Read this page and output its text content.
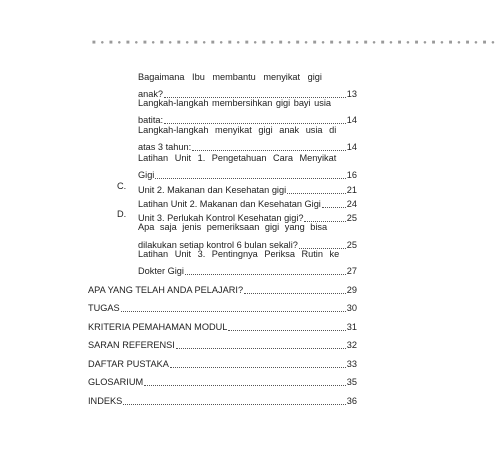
■ ● ■ ● ■ ● ■ ● ■ ● ■ ● ■ ● ■ ● ■ ● ■ ● ■ ● ■ ● ■ ● ■ ● ■ ● ■ ● ■ ● ■ ● ■ ● ■ ● ■ ● ■ ● ■ ● ■ ●
Bagaimana Ibu membantu menyikat gigi
anak?	13
Langkah-langkah membersihkan gigi bayi usia
batita:	14
Langkah-langkah menyikat gigi anak usia di
atas 3 tahun:	14
Latihan Unit 1. Pengetahuan Cara Menyikat
Gigi	16
C. Unit 2. Makanan dan Kesehatan gigi	21
Latihan Unit 2. Makanan dan Kesehatan Gigi	24
D. Unit 3. Perlukah Kontrol Kesehatan gigi?	25
Apa saja jenis pemeriksaan gigi yang bisa
dilakukan setiap kontrol 6 bulan sekali?	25
Latihan Unit 3. Pentingnya Periksa Rutin ke
Dokter Gigi	27
APA YANG TELAH ANDA PELAJARI?	29
TUGAS	30
KRITERIA PEMAHAMAN MODUL	31
SARAN REFERENSI	32
DAFTAR PUSTAKA	33
GLOSARIUM	35
INDEKS	36
